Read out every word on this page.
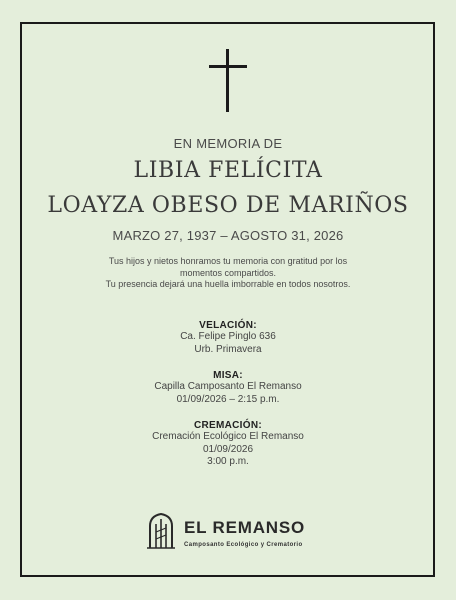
EN MEMORIA DE
LIBIA FELÍCITA
LOAYZA OBESO DE MARIÑOS
MARZO 27, 1937 – AGOSTO 31, 2026
Tus hijos y nietos honramos tu memoria con gratitud por los
momentos compartidos.
Tu presencia dejará una huella imborrable en todos nosotros.
VELACIÓN:
Ca. Felipe Pinglo 636
Urb. Primavera
MISA:
Capilla Camposanto El Remanso
01/09/2026 – 2:15 p.m.
CREMACIÓN:
Cremación Ecológico El Remanso
01/09/2026
3:00 p.m.
EL REMANSO
Camposanto Ecológico y Crematorio
